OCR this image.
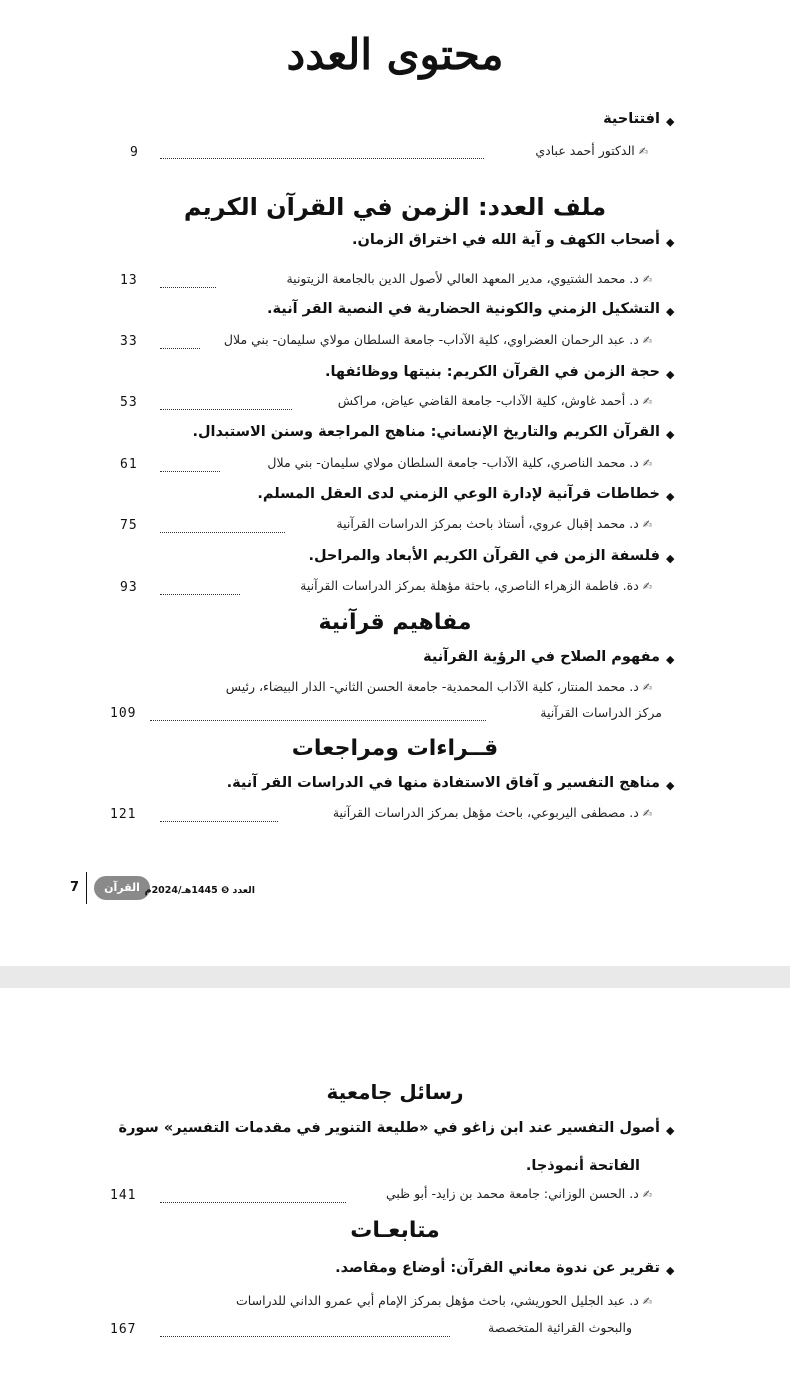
محتوى العدد
◆
افتتاحية
✍الدكتور أحمد عبادي
9
ملف العدد: الزمن في القرآن الكريم
◆
أصحاب الكهف و آية الله في اختراق الزمان.
✍د. محمد الشتيوي، مدير المعهد العالي لأصول الدين بالجامعة الزيتونية
13
◆
التشكيل الزمني والكونية الحضارية في النصية القر آنية.
✍د. عبد الرحمان العضراوي، كلية الآداب- جامعة السلطان مولاي سليمان- بني ملال
33
◆
حجة الزمن في القرآن الكريم: بنيتها ووظائفها.
✍د. أحمد غاوش، كلية الآداب- جامعة القاضي عياض، مراكش
53
◆
القرآن الكريم والتاريخ الإنساني: مناهج المراجعة وسنن الاستبدال.
✍د. محمد الناصري، كلية الآداب- جامعة السلطان مولاي سليمان- بني ملال
61
◆
خطاطات قرآنية لإدارة الوعي الزمني لدى العقل المسلم.
✍د. محمد إقبال عروي، أستاذ باحث بمركز الدراسات القرآنية
75
◆
فلسفة الزمن في القرآن الكريم الأبعاد والمراحل.
✍دة. فاطمة الزهراء الناصري، باحثة مؤهلة بمركز الدراسات القرآنية
93
مفاهيم قرآنية
◆
مفهوم الصلاح في الرؤية القرآنية
✍د. محمد المنتار، كلية الآداب المحمدية- جامعة الحسن الثاني- الدار البيضاء، رئيس
مركز الدراسات القرآنية
109
قــراءات ومراجعات
◆
مناهج التفسير و آفاق الاستفادة منها في الدراسات القر آنية.
✍د. مصطفى اليربوعي، باحث مؤهل بمركز الدراسات القرآنية
121
7	القرآن العدد ❺ 1445هـ/2024م
رسائل جامعية
◆
أصول التفسير عند ابن زاغو في «طليعة التنوير في مقدمات التفسير» سورة
الفاتحة أنموذجا.
✍د. الحسن الوزاني: جامعة محمد بن زايد- أبو ظبي
141
متابعـات
◆
تقرير عن ندوة معاني القرآن: أوضاع ومقاصد.
✍د. عبد الجليل الحوريشي، باحث مؤهل بمركز الإمام أبي عمرو الداني للدراسات
والبحوث القرائية المتخصصة
167
